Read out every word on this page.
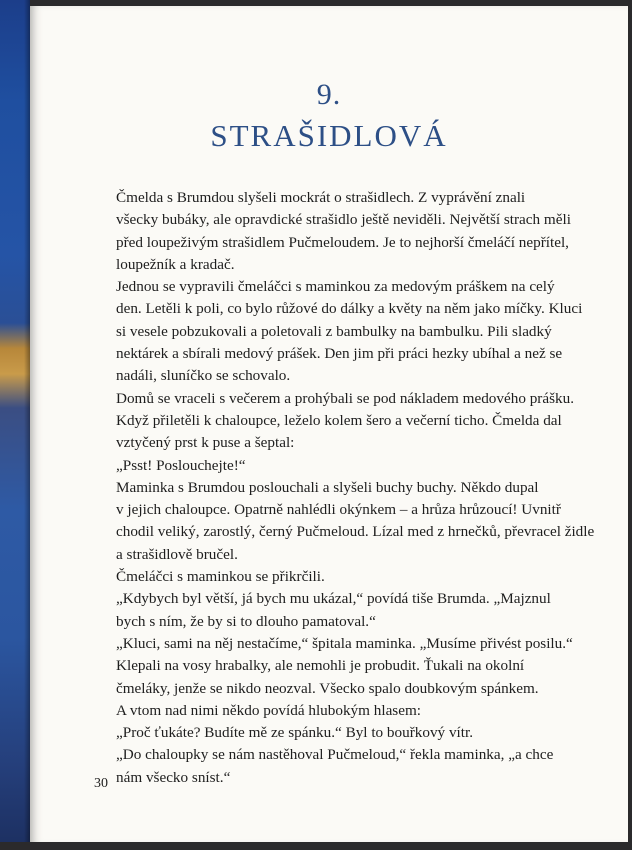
9.
STRAŠIDLOVÁ

Čmelda s Brumdou slyšeli mockrát o strašidlech. Z vyprávění znali
všecky bubáky, ale opravdické strašidlo ještě neviděli. Největší strach měli
před loupeživým strašidlem Pučmeloudem. Je to nejhorší čmeláčí nepřítel,
loupežník a kradač.

Jednou se vypravili čmeláčci s maminkou za medovým práškem na celý
den. Letěli k poli, co bylo růžové do dálky a květy na něm jako míčky. Kluci
si vesele pobzukovali a poletovali z bambulky na bambulku. Pili sladký
nektárek a sbírali medový prášek. Den jim při práci hezky ubíhal a než se
nadáli, sluníčko se schovalo.

Domů se vraceli s večerem a prohýbali se pod nákladem medového prášku.
Když přiletěli k chaloupce, leželo kolem šero a večerní ticho. Čmelda dal
vztyčený prst k puse a šeptal:

„Psst! Poslouchejte!“

Maminka s Brumdou poslouchali a slyšeli buchy buchy. Někdo dupal
v jejich chaloupce. Opatrně nahlédli okýnkem – a hrůza hrůzoucí! Uvnitř
chodil veliký, zarostlý, černý Pučmeloud. Lízal med z hrnečků, převracel židle
a strašidlově bručel.

Čmeláčci s maminkou se přikrčili.

„Kdybych byl větší, já bych mu ukázal,“ povídá tiše Brumda. „Majznul
bych s ním, že by si to dlouho pamatoval.“

„Kluci, sami na něj nestačíme,“ špitala maminka. „Musíme přivést posilu.“

Klepali na vosy hrabalky, ale nemohli je probudit. Ťukali na okolní
čmeláky, jenže se nikdo neozval. Všecko spalo doubkovým spánkem.

A vtom nad nimi někdo povídá hlubokým hlasem:

„Proč ťukáte? Budíte mě ze spánku.“ Byl to bouřkový vítr.

„Do chaloupky se nám nastěhoval Pučmeloud,“ řekla maminka, „a chce
nám všecko sníst.“

30
